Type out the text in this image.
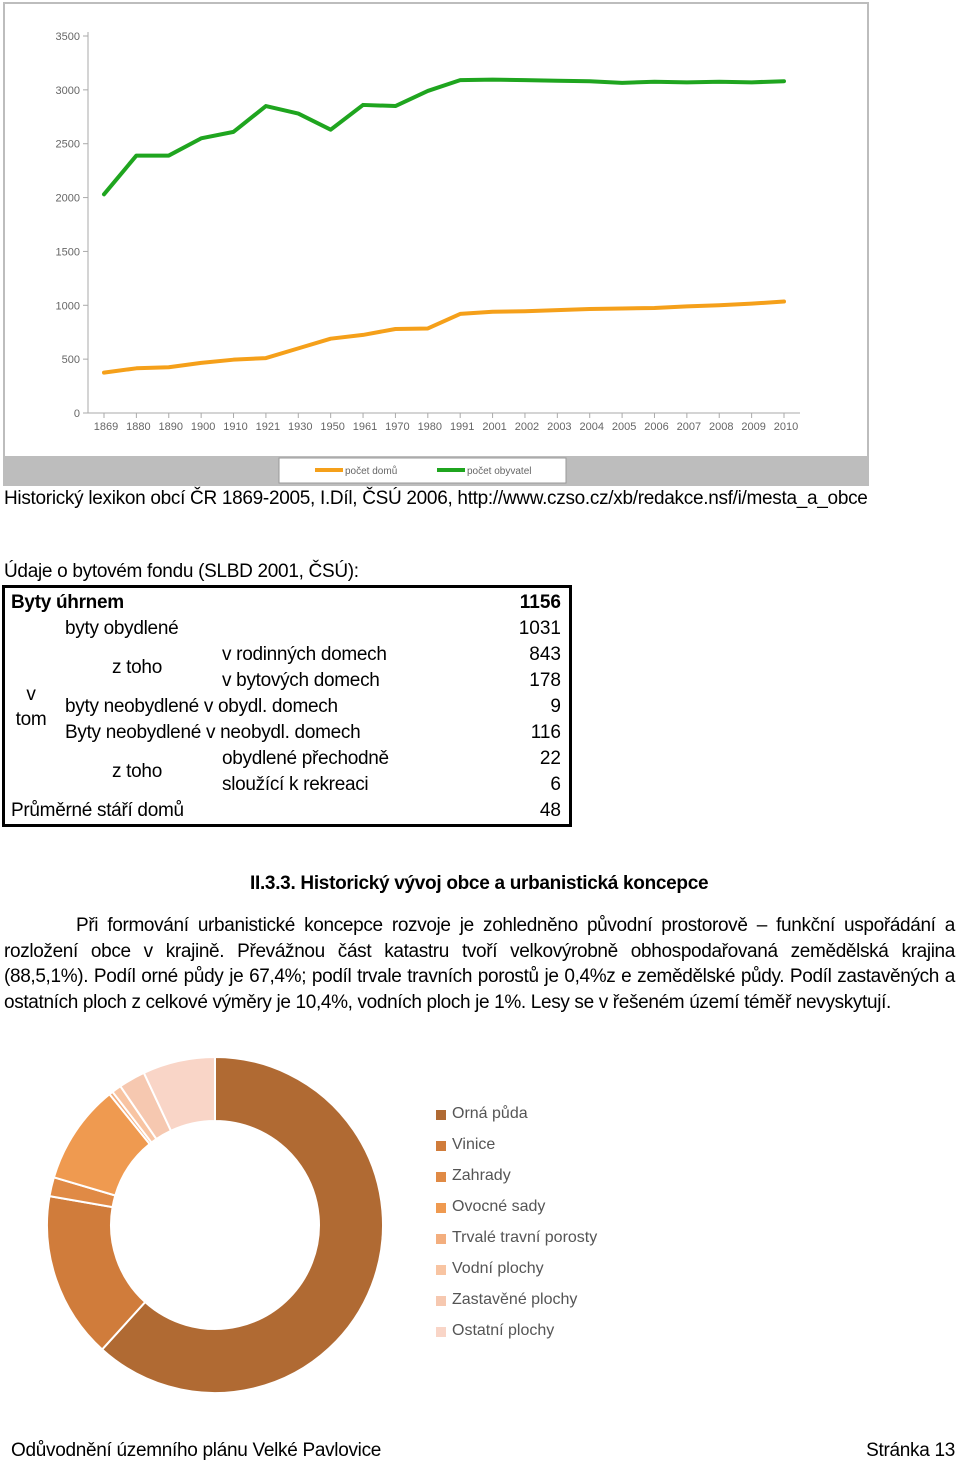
0
500
1000
1500
2000
2500
3000
3500
1869 1880 1890 1900 1910 1921 1930 1950 1961 1970 1980 1991 2001 2002 2003 2004 2005 2006 2007 2008 2009 2010
počet domů	počet obyvatel
Historický lexikon obcí ČR 1869-2005, I.Díl, ČSÚ 2006, http://www.czso.cz/xb/redakce.nsf/i/mesta_a_obce
Údaje o bytovém fondu (SLBD 2001, ČSÚ):
Byty úhrnem	1156
v
tom
byty obydlené	1031
z toho
v rodinných domech	843
v bytových domech	178
byty neobydlené v obydl. domech	9
Byty neobydlené v neobydl. domech	116
z toho
obydlené přechodně	22
sloužící k rekreaci	6
Průměrné stáří domů	48
II.3.3. Historický vývoj obce a urbanistická koncepce
Při formování urbanistické koncepce rozvoje je zohledněno původní prostorově – funkční uspořádání a rozložení obce v krajině. Převážnou část katastru tvoří velkovýrobně obhospodařovaná zemědělská krajina (88,5,1%). Podíl orné půdy je 67,4%; podíl trvale travních porostů je 0,4%z e zemědělské půdy. Podíl zastavěných a ostatních ploch z celkové výměry je 10,4%, vodních ploch je 1%. Lesy se v řešeném území téměř nevyskytují.
Orná půda
Vinice
Zahrady
Ovocné sady
Trvalé travní porosty
Vodní plochy
Zastavěné plochy
Ostatní plochy
Odůvodnění územního plánu Velké Pavlovice	Stránka 13
